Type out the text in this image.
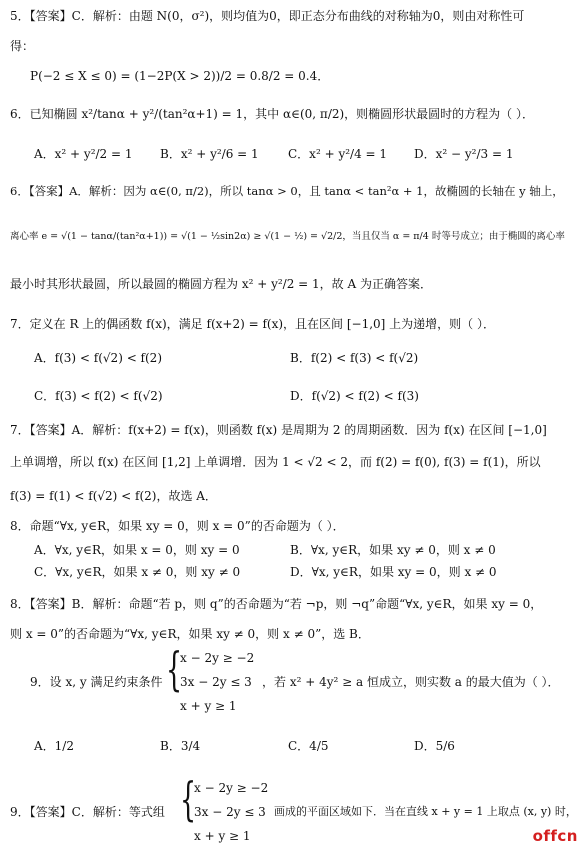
5．【答案】C．解析：由题 N(0，σ²)，则均值为0，即正态分布曲线的对称轴为0，则由对称性可
得：
P(−2 ≤ X ≤ 0) = (1−2P(X > 2))/2 = 0.8/2 = 0.4．
6．已知椭圆 x²/tanα + y²/(tan²α+1) = 1，其中 α∈(0, π/2)，则椭圆形状最圆时的方程为（ ）．
A．x² + y²/2 = 1 B．x² + y²/6 = 1 C．x² + y²/4 = 1 D．x² − y²/3 = 1
6．【答案】A．解析：因为 α∈(0, π/2)，所以 tanα > 0，且 tanα < tan²α + 1，故椭圆的长轴在 y 轴上，
离心率 e = √(1 − tanα/(tan²α+1)) = √(1 − ½sin2α) ≥ √(1 − ½) = √2/2，当且仅当 α = π/4 时等号成立；由于椭圆的离心率
最小时其形状最圆，所以最圆的椭圆方程为 x² + y²/2 = 1，故 A 为正确答案．
7．定义在 R 上的偶函数 f(x)，满足 f(x+2) = f(x)，且在区间 [−1,0] 上为递增，则（ ）．
A．f(3) < f(√2) < f(2)	B．f(2) < f(3) < f(√2)
C．f(3) < f(2) < f(√2)	D．f(√2) < f(2) < f(3)
7．【答案】A．解析：f(x+2) = f(x)，则函数 f(x) 是周期为 2 的周期函数．因为 f(x) 在区间 [−1,0]
上单调增，所以 f(x) 在区间 [1,2] 上单调增．因为 1 < √2 < 2，而 f(2) = f(0), f(3) = f(1)，所以
f(3) = f(1) < f(√2) < f(2)，故选 A．
8．命题“∀x, y∈R，如果 xy = 0，则 x = 0”的否命题为（ ）．
A．∀x, y∈R，如果 x = 0，则 xy = 0	B．∀x, y∈R，如果 xy ≠ 0，则 x ≠ 0
C．∀x, y∈R，如果 x ≠ 0，则 xy ≠ 0	D．∀x, y∈R，如果 xy = 0，则 x ≠ 0
8．【答案】B．解析：命题“若 p，则 q”的否命题为“若 ¬p，则 ¬q”命题“∀x, y∈R，如果 xy = 0，
则 x = 0”的否命题为“∀x, y∈R，如果 xy ≠ 0，则 x ≠ 0”，选 B．
9．设 x, y 满足约束条件 {
x − 2y ≥ −2
3x − 2y ≤ 3
x + y ≥ 1
，若 x² + 4y² ≥ a 恒成立，则实数 a 的最大值为（ ）．
A．1/2	B．3/4	C．4/5	D．5/6
9．【答案】C．解析：等式组 {
x − 2y ≥ −2
3x − 2y ≤ 3
x + y ≥ 1
画成的平面区域如下．当在直线 x + y = 1 上取点 (x, y) 时，
offcn
